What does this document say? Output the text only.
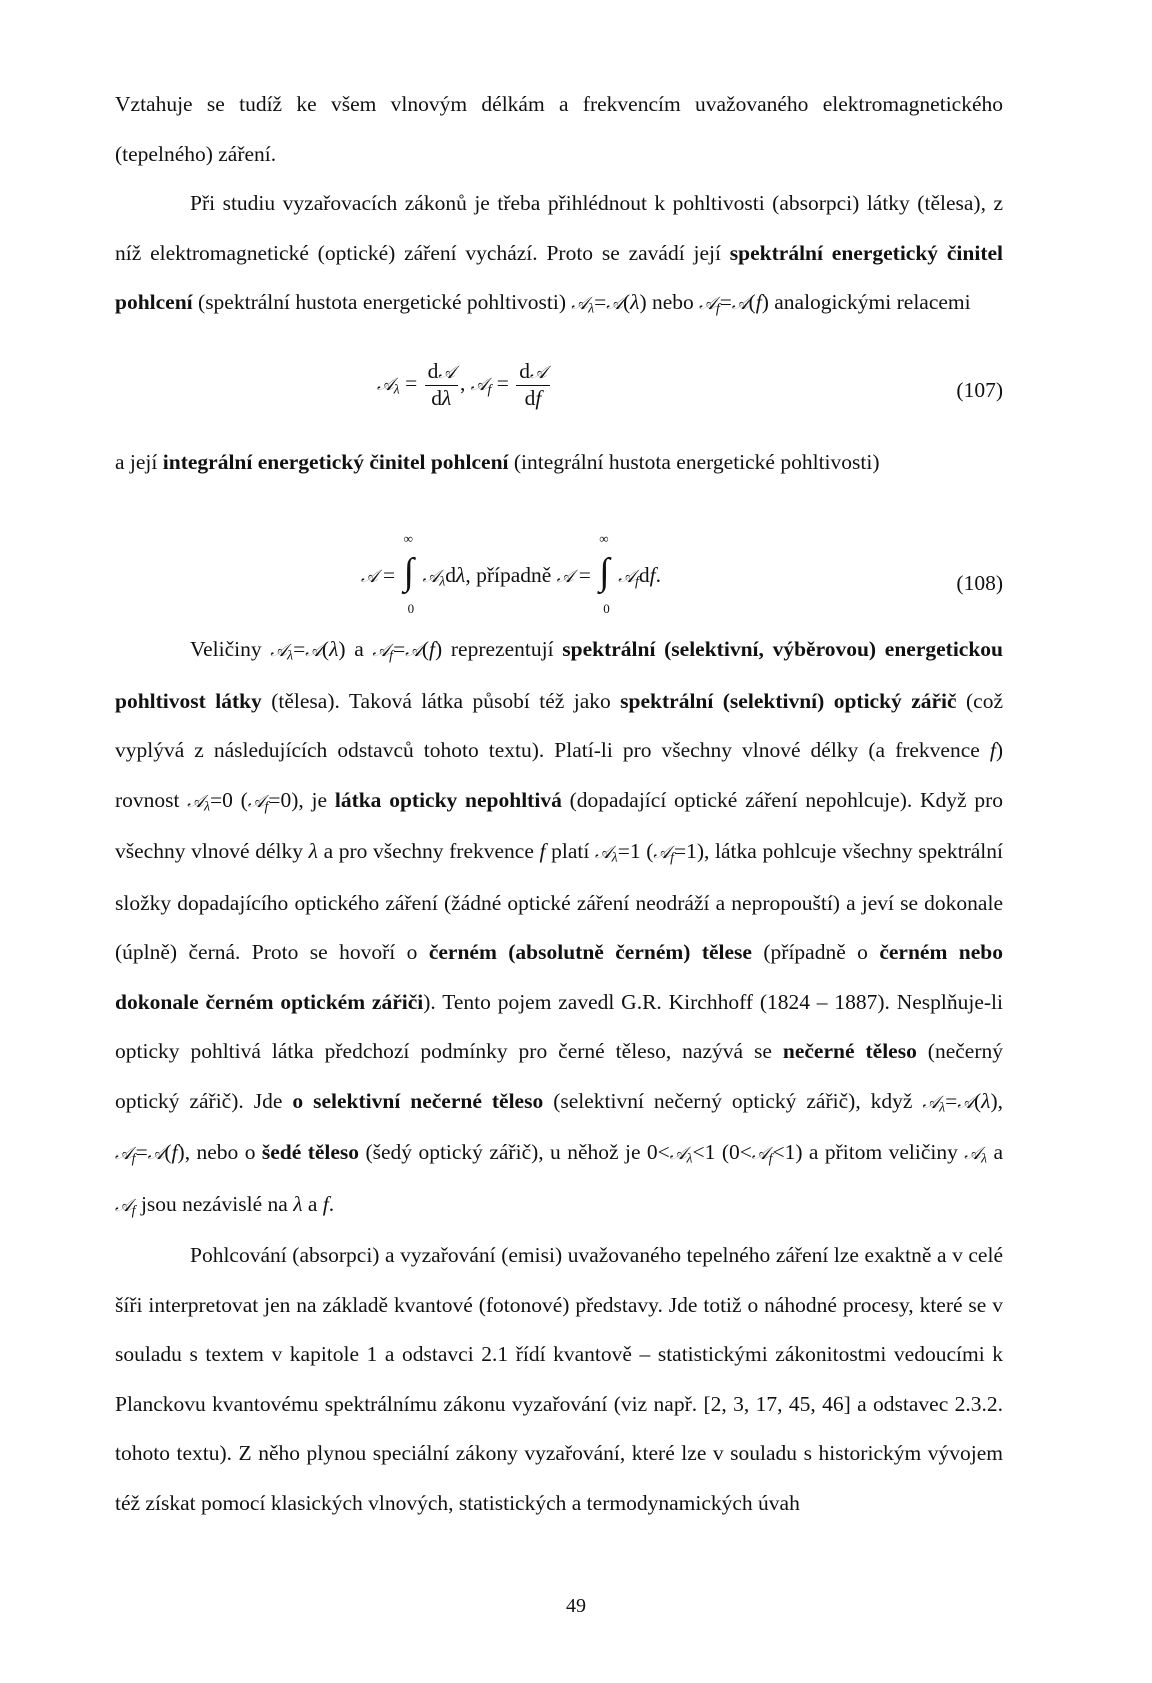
Vztahuje se tudíž ke všem vlnovým délkám a frekvencím uvažovaného elektromagnetického (tepelného) záření.

Při studiu vyzařovacích zákonů je třeba přihlédnout k pohltivosti (absorpci) látky (tělesa), z níž elektromagnetické (optické) záření vychází. Proto se zavádí její spektrální energetický činitel pohlcení (spektrální hustota energetické pohltivosti) 𝒜$_\lambda$=𝒜(λ) nebo 𝒜$_f$=𝒜(f) analogickými relacemi

𝒜$_\lambda$ = $\frac{\text{d𝒜}}{d\lambda}$ , 𝒜$_f$ = $\frac{\text{d𝒜}}{df}$	(107)

a její integrální energetický činitel pohlcení (integrální hustota energetické pohltivosti)

𝒜 =
∞
∫
0
𝒜$_\lambda$dλ, případně 𝒜 =
∞
∫
0
𝒜$_f$df.	(108)

Veličiny 𝒜$_\lambda$=𝒜(λ) a 𝒜$_f$=𝒜(f) reprezentují spektrální (selektivní, výběrovou) energetickou pohltivost látky (tělesa). Taková látka působí též jako spektrální (selektivní) optický zářič (což vyplývá z následujících odstavců tohoto textu). Platí-li pro všechny vlnové délky (a frekvence f) rovnost 𝒜$_\lambda$=0 (𝒜$_f$=0), je látka opticky nepohltivá (dopadající optické záření nepohlcuje). Když pro všechny vlnové délky λ a pro všechny frekvence f platí 𝒜$_\lambda$=1 (𝒜$_f$=1), látka pohlcuje všechny spektrální složky dopadajícího optického záření (žádné optické záření neodráží a nepropouští) a jeví se dokonale (úplně) černá. Proto se hovoří o černém (absolutně černém) tělese (případně o černém nebo dokonale černém optickém zářiči). Tento pojem zavedl G.R. Kirchhoff (1824 – 1887). Nesplňuje-li opticky pohltivá látka předchozí podmínky pro černé těleso, nazývá se nečerné těleso (nečerný optický zářič). Jde o selektivní nečerné těleso (selektivní nečerný optický zářič), když 𝒜$_\lambda$=𝒜(λ), 𝒜$_f$=𝒜(f), nebo o šedé těleso (šedý optický zářič), u něhož je 0<𝒜$_\lambda$<1 (0<𝒜$_f$<1) a přitom veličiny 𝒜$_\lambda$ a 𝒜$_f$ jsou nezávislé na λ a f.

Pohlcování (absorpci) a vyzařování (emisi) uvažovaného tepelného záření lze exaktně a v celé šíři interpretovat jen na základě kvantové (fotonové) představy. Jde totiž o náhodné procesy, které se v souladu s textem v kapitole 1 a odstavci 2.1 řídí kvantově – statistickými zákonitostmi vedoucími k Planckovu kvantovému spektrálnímu zákonu vyzařování (viz např. [2, 3, 17, 45, 46] a odstavec 2.3.2. tohoto textu). Z něho plynou speciální zákony vyzařování, které lze v souladu s historickým vývojem též získat pomocí klasických vlnových, statistických a termodynamických úvah

49
